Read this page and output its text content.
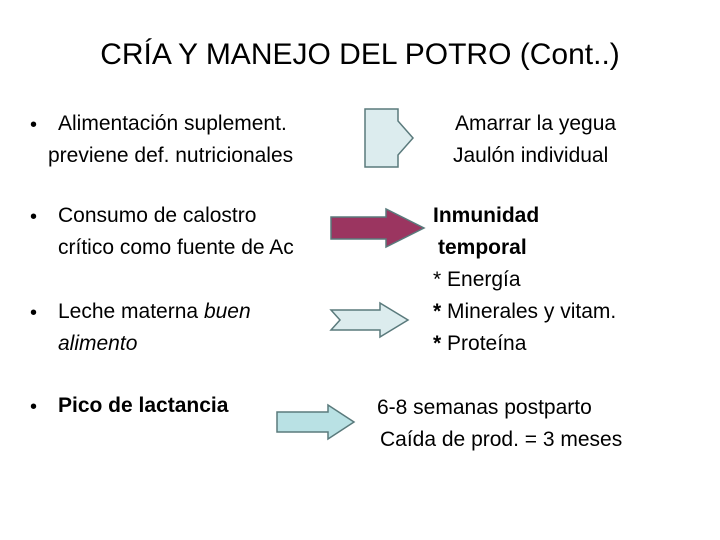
CRÍA Y MANEJO DEL POTRO (Cont..)
• Alimentación suplement.
previene def. nutricionales
• Consumo de calostro
crítico como fuente de Ac
• Leche materna buen
alimento
• Pico de lactancia
Amarrar la yegua
Jaulón individual
Inmunidad
temporal
* Energía
* Minerales y vitam.
* Proteína
6-8 semanas postparto
Caída de prod. = 3 meses
